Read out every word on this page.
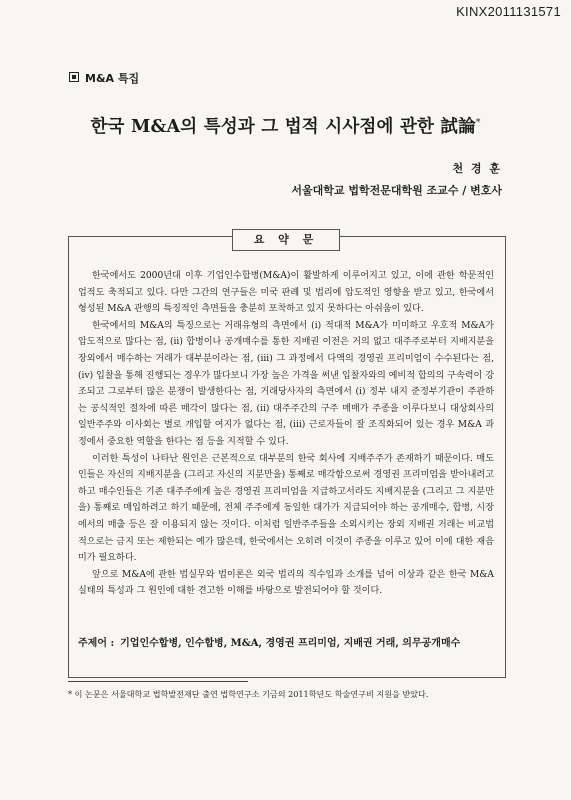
KINX2011131571
M&A 특집
한국 M&A의 특성과 그 법적 시사점에 관한 試論*
천 경 훈
서울대학교 법학전문대학원 조교수 / 변호사
요 약 문

한국에서도 2000년대 이후 기업인수합병(M&A)이 활발하게 이루어지고 있고, 이에 관한 학문적인 업적도 축적되고 있다. 다만 그간의 연구들은 미국 판례 및 법리에 압도적인 영향을 받고 있고, 한국에서 형성된 M&A 관행의 특징적인 측면들을 충분히 포착하고 있지 못하다는 아쉬움이 있다.

한국에서의 M&A의 특징으로는 거래유형의 측면에서 (i) 적대적 M&A가 미미하고 우호적 M&A가 압도적으로 많다는 점, (ii) 합병이나 공개매수를 통한 지배권 이전은 거의 없고 대주주로부터 지배지분을 장외에서 매수하는 거래가 대부분이라는 점, (iii) 그 과정에서 다액의 경영권 프리미엄이 수수된다는 점, (iv) 입찰을 통해 진행되는 경우가 많다보니 가장 높은 가격을 써낸 입찰자와의 예비적 합의의 구속력이 강조되고 그로부터 많은 분쟁이 발생한다는 점, 거래당사자의 측면에서 (i) 정부 내지 준정부기관이 주관하는 공식적인 절차에 따른 매각이 많다는 점, (ii) 대주주간의 구주 매매가 주종을 이루다보니 대상회사의 일반주주와 이사회는 별로 개입할 여지가 없다는 점, (iii) 근로자들이 잘 조직화되어 있는 경우 M&A 과정에서 중요한 역할을 한다는 점 등을 지적할 수 있다.

이러한 특성이 나타난 원인은 근본적으로 대부분의 한국 회사에 지배주주가 존재하기 때문이다. 매도인들은 자신의 지배지분을 (그리고 자신의 지분만을) 통째로 매각함으로써 경영권 프리미엄을 받아내려고 하고 매수인들은 기존 대주주에게 높은 경영권 프리미엄을 지급하고서라도 지배지분을 (그리고 그 지분만을) 통째로 매입하려고 하기 때문에, 전체 주주에게 동일한 대가가 지급되어야 하는 공개매수, 합병, 시장에서의 매출 등은 잘 이용되지 않는 것이다. 이처럼 일반주주들을 소외시키는 장외 지배권 거래는 비교법적으로는 금지 또는 제한되는 예가 많은데, 한국에서는 오히려 이것이 주종을 이루고 있어 이에 대한 재음미가 필요하다.

앞으로 M&A에 관한 법실무와 법이론은 외국 법리의 직수입과 소개를 넘어 이상과 같은 한국 M&A 실태의 특성과 그 원인에 대한 견고한 이해를 바탕으로 발전되어야 할 것이다.

주제어 : 기업인수합병, 인수합병, M&A, 경영권 프리미엄, 지배권 거래, 의무공개매수
* 이 논문은 서울대학교 법학발전재단 출연 법학연구소 기금의 2011학년도 학술연구비 지원을 받았다.
